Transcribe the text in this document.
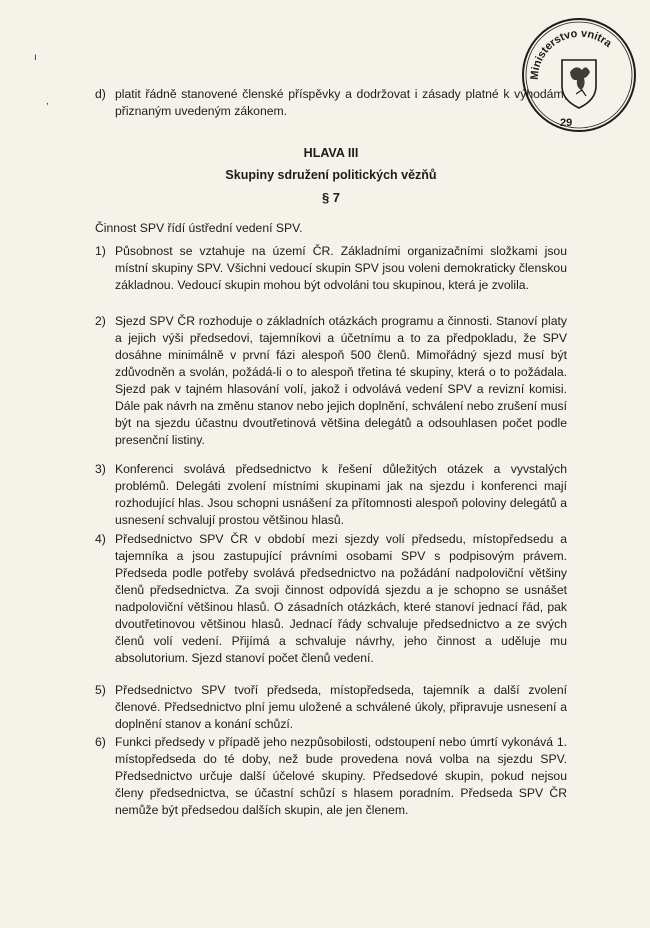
ı
,
d) platit řádně stanovené členské příspěvky a dodržovat i zásady platné k výhodám, přiznaným uvedeným zákonem.
HLAVA III
Skupiny sdružení politických vězňů
§ 7

Činnost SPV řídí ústřední vedení SPV.

1) Působnost se vztahuje na území ČR. Základními organizačními složkami jsou místní skupiny SPV. Všichni vedoucí skupin SPV jsou voleni demokraticky členskou základnou. Vedoucí skupin mohou být odvoláni tou skupinou, která je zvolila.
2) Sjezd SPV ČR rozhoduje o základních otázkách programu a činnosti. Stanoví platy a jejich výši předsedovi, tajemníkovi a účetnímu a to za předpokladu, že SPV dosáhne minimálně v první fázi alespoň 500 členů. Mimořádný sjezd musí být zdůvodněn a svolán, požádá-li o to alespoň třetina té skupiny, která o to požádala. Sjezd pak v tajném hlasování volí, jakož i odvolává vedení SPV a revizní komisi. Dále pak návrh na změnu stanov nebo jejich doplnění, schválení nebo zrušení musí být na sjezdu účastnu dvoutřetinová většina delegátů a odsouhlasen počet podle presenční listiny.
3) Konferenci svolává předsednictvo k řešení důležitých otázek a vyvstalých problémů. Delegáti zvolení místními skupinami jak na sjezdu i konferenci mají rozhodující hlas. Jsou schopni usnášení za přítomnosti alespoň poloviny delegátů a usnesení schvalují prostou většinou hlasů.
4) Předsednictvo SPV ČR v období mezi sjezdy volí předsedu, místopředsedu a tajemníka a jsou zastupující právními osobami SPV s podpisovým právem. Předseda podle potřeby svolává předsednictvo na požádání nadpoloviční většiny členů předsednictva. Za svoji činnost odpovídá sjezdu a je schopno se usnášet nadpoloviční většinou hlasů. O zásadních otázkách, které stanoví jednací řád, pak dvoutřetinovou většinou hlasů. Jednací řády schvaluje předsednictvo a ze svých členů volí vedení. Přijímá a schvaluje návrhy, jeho činnost a uděluje mu absolutorium. Sjezd stanoví počet členů vedení.
5) Předsednictvo SPV tvoří předseda, místopředseda, tajemník a další zvolení členové. Předsednictvo plní jemu uložené a schválené úkoly, připravuje usnesení a doplnění stanov a konání schůzí.
6) Funkci předsedy v případě jeho nezpůsobilosti, odstoupení nebo úmrtí vykonává 1. místopředseda do té doby, než bude provedena nová volba na sjezdu SPV. Předsednictvo určuje další účelové skupiny. Předsedové skupin, pokud nejsou členy předsednictva, se účastní schůzí s hlasem poradním. Předseda SPV ČR nemůže být předsedou dalších skupin, ale jen členem.
Ministerstvo vnitra
29
